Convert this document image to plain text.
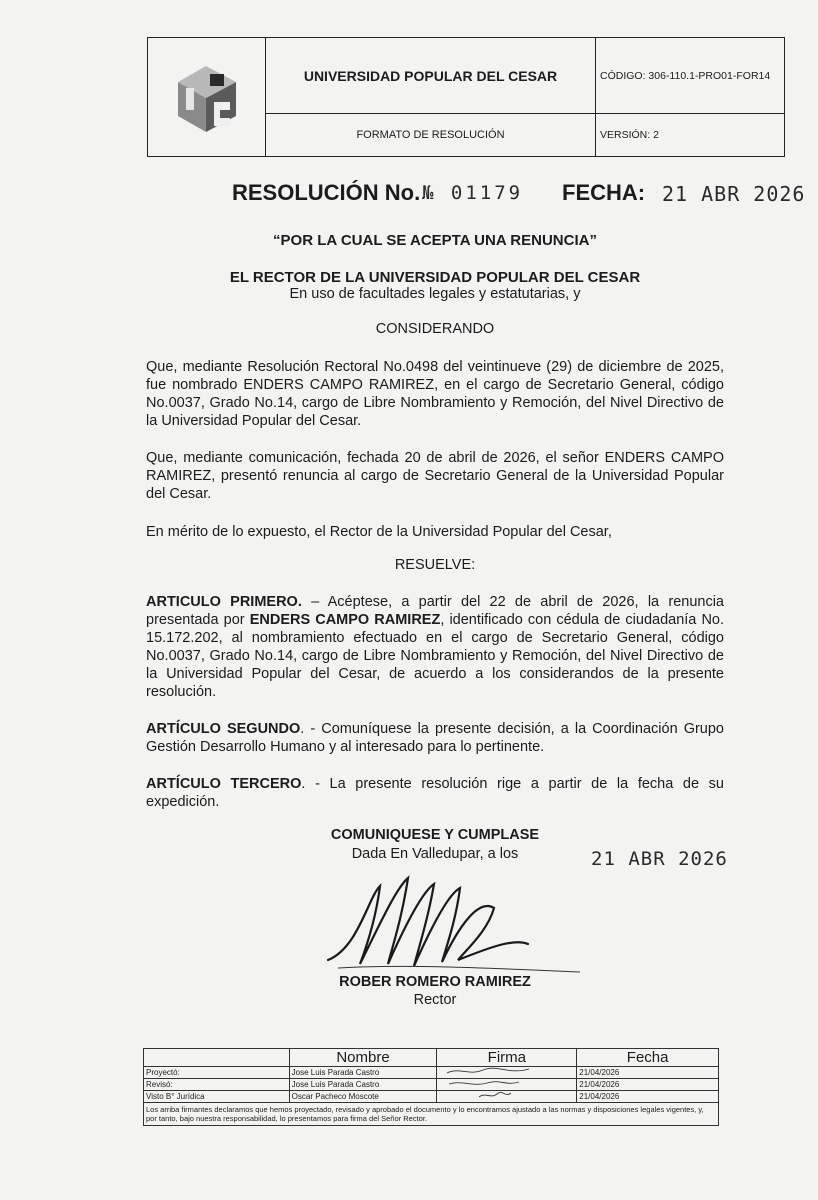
UNIVERSIDAD POPULAR DEL CESAR
FORMATO DE RESOLUCIÓN
CÓDIGO: 306-110.1-PRO01-FOR14
VERSIÓN: 2
RESOLUCIÓN No. № 01179 FECHA: 21 ABR 2026
“POR LA CUAL SE ACEPTA UNA RENUNCIA”
EL RECTOR DE LA UNIVERSIDAD POPULAR DEL CESAR
En uso de facultades legales y estatutarias, y
CONSIDERANDO
Que, mediante Resolución Rectoral No.0498 del veintinueve (29) de diciembre de 2025, fue nombrado ENDERS CAMPO RAMIREZ, en el cargo de Secretario General, código No.0037, Grado No.14, cargo de Libre Nombramiento y Remoción, del Nivel Directivo de la Universidad Popular del Cesar.
Que, mediante comunicación, fechada 20 de abril de 2026, el señor ENDERS CAMPO RAMIREZ, presentó renuncia al cargo de Secretario General de la Universidad Popular del Cesar.
En mérito de lo expuesto, el Rector de la Universidad Popular del Cesar,
RESUELVE:
ARTICULO PRIMERO. – Acéptese, a partir del 22 de abril de 2026, la renuncia presentada por ENDERS CAMPO RAMIREZ, identificado con cédula de ciudadanía No. 15.172.202, al nombramiento efectuado en el cargo de Secretario General, código No.0037, Grado No.14, cargo de Libre Nombramiento y Remoción, del Nivel Directivo de la Universidad Popular del Cesar, de acuerdo a los considerandos de la presente resolución.
ARTÍCULO SEGUNDO. - Comuníquese la presente decisión, a la Coordinación Grupo Gestión Desarrollo Humano y al interesado para lo pertinente.
ARTÍCULO TERCERO. - La presente resolución rige a partir de la fecha de su expedición.
COMUNIQUESE Y CUMPLASE
Dada En Valledupar, a los	21 ABR 2026
ROBER ROMERO RAMIREZ
Rector
	Nombre	Firma	Fecha
Proyectó:	Jose Luis Parada Castro		21/04/2026
Revisó:	Jose Luis Parada Castro		21/04/2026
Visto B° Jurídica	Oscar Pacheco Moscote		21/04/2026
Los arriba firmantes declaramos que hemos proyectado, revisado y aprobado el documento y lo encontramos ajustado a las normas y disposiciones legales vigentes, y, por tanto, bajo nuestra responsabilidad, lo presentamos para firma del Señor Rector.			
